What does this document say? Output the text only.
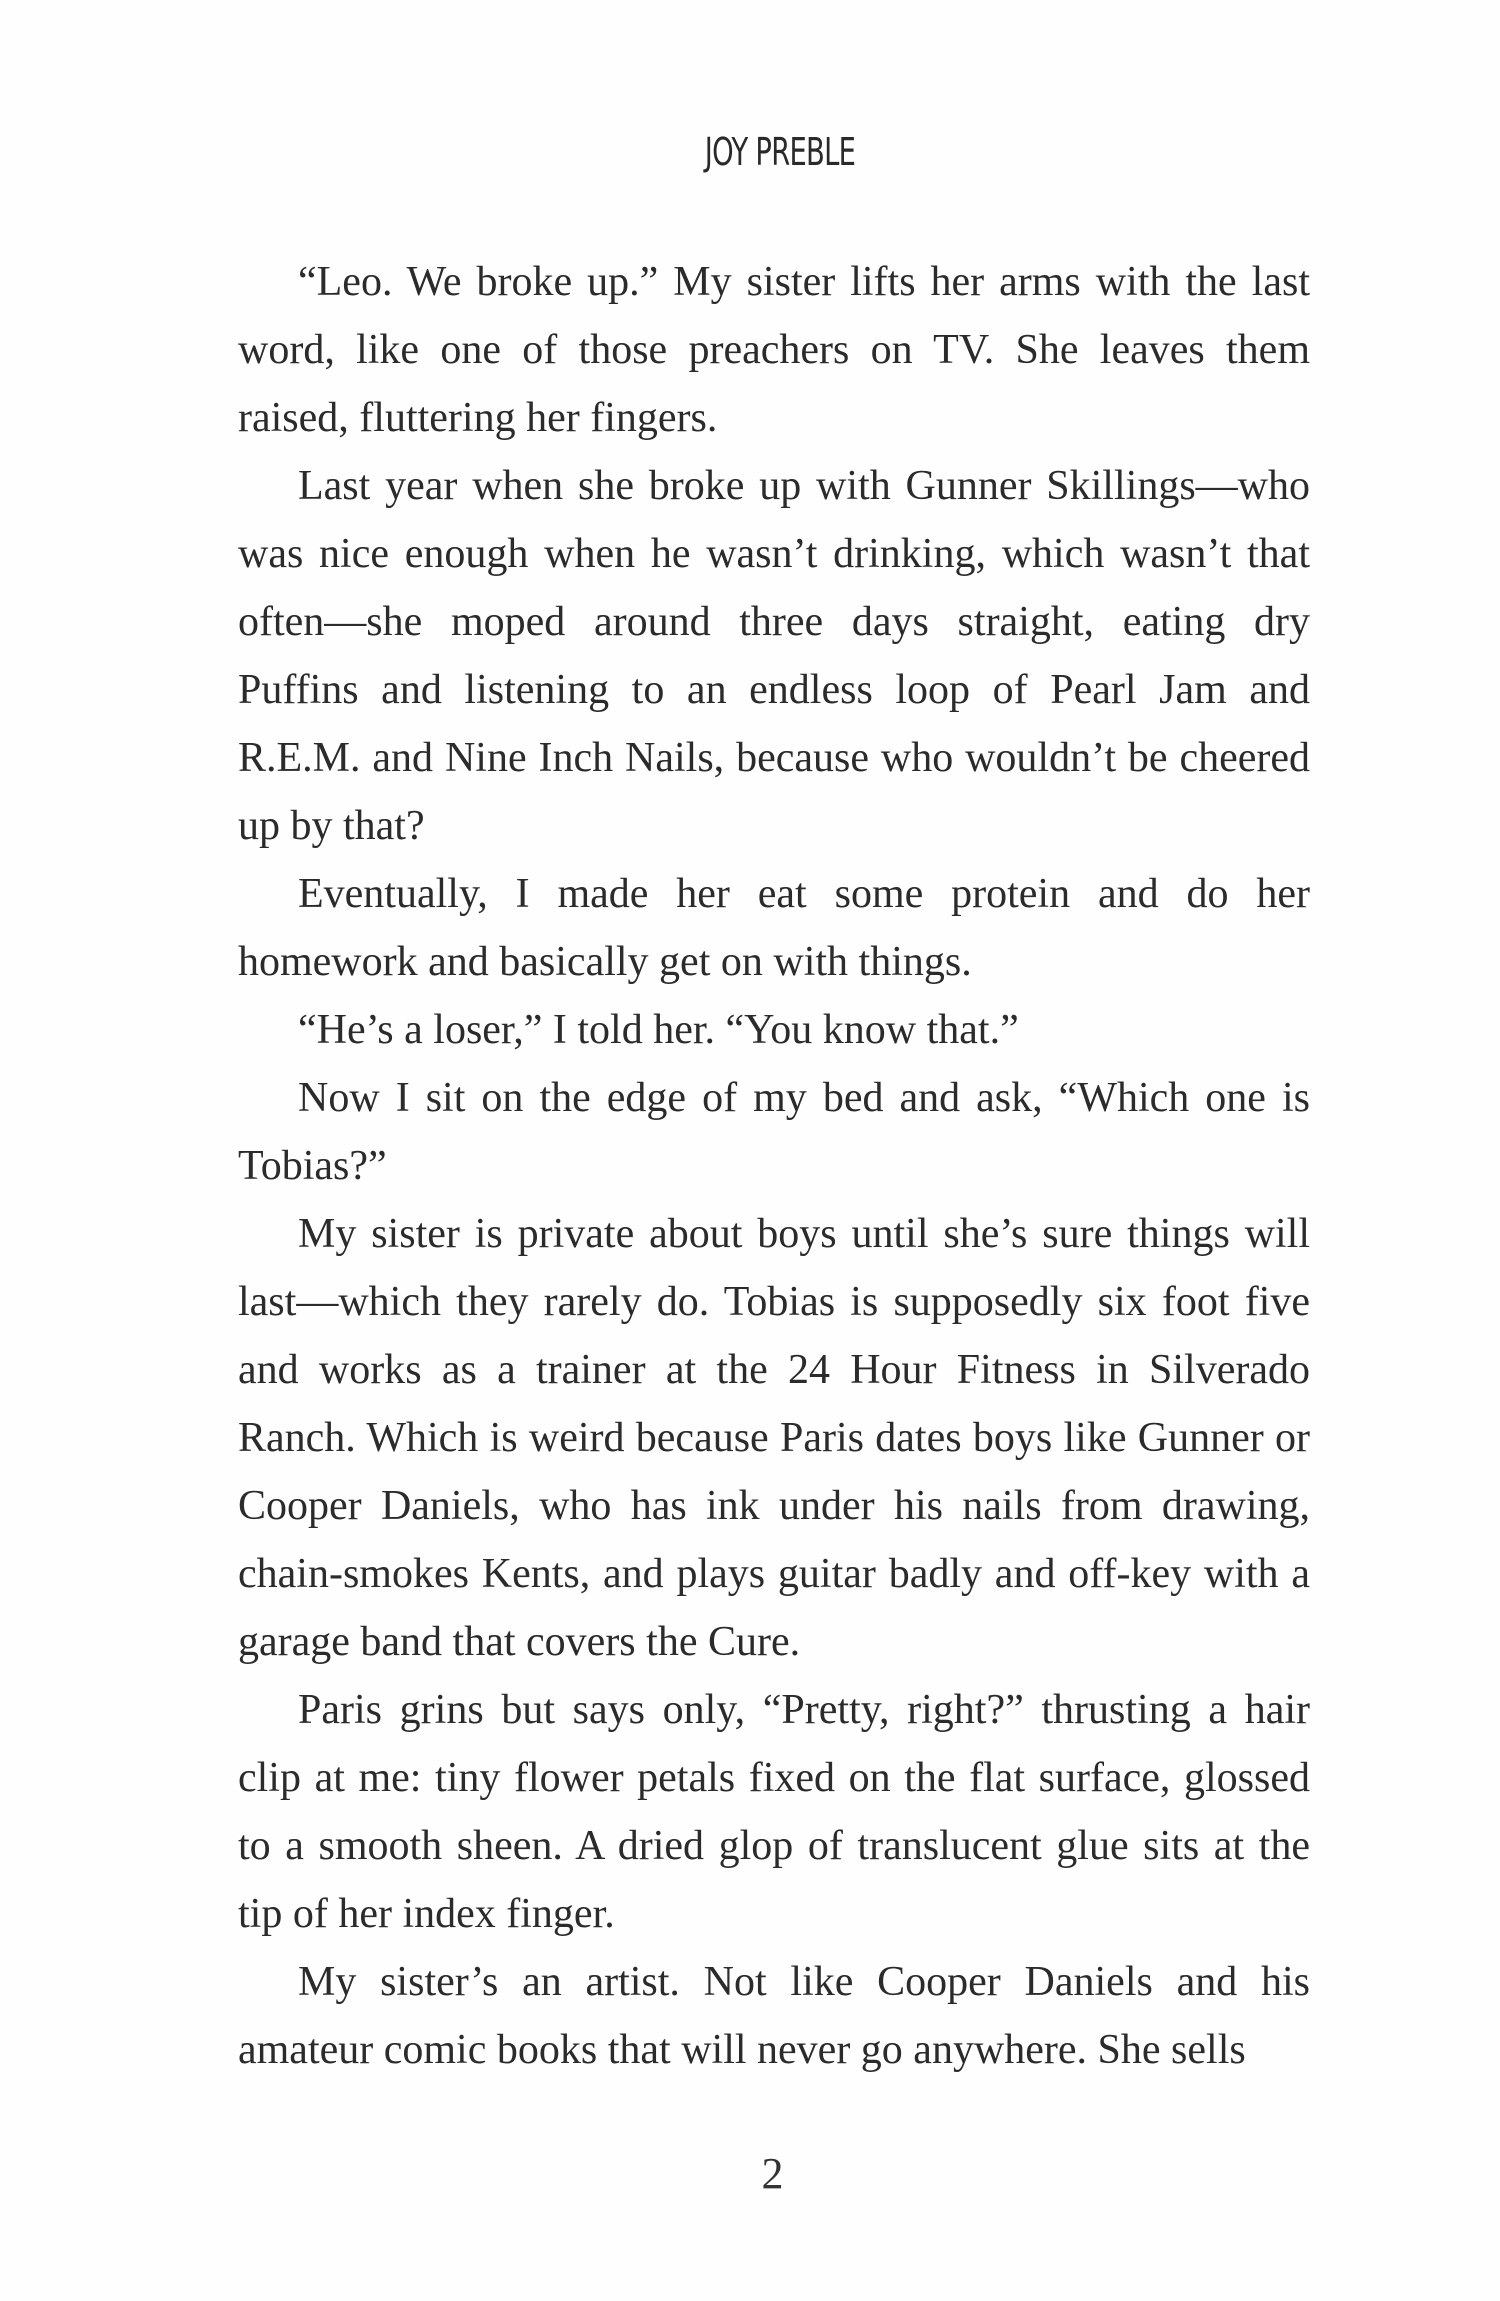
JOY PREBLE

“Leo. We broke up.” My sister lifts her arms with the last word, like one of those preachers on TV. She leaves them raised, fluttering her fingers.

Last year when she broke up with Gunner Skillings—who was nice enough when he wasn’t drinking, which wasn’t that often—she moped around three days straight, eating dry Puffins and listening to an endless loop of Pearl Jam and R.E.M. and Nine Inch Nails, because who wouldn’t be cheered up by that?

Eventually, I made her eat some protein and do her homework and basically get on with things.

“He’s a loser,” I told her. “You know that.”

Now I sit on the edge of my bed and ask, “Which one is Tobias?”

My sister is private about boys until she’s sure things will last—which they rarely do. Tobias is supposedly six foot five and works as a trainer at the 24 Hour Fitness in Silverado Ranch. Which is weird because Paris dates boys like Gunner or Cooper Daniels, who has ink under his nails from drawing, chain-smokes Kents, and plays guitar badly and off-key with a garage band that covers the Cure.

Paris grins but says only, “Pretty, right?” thrusting a hair clip at me: tiny flower petals fixed on the flat surface, glossed to a smooth sheen. A dried glop of translucent glue sits at the tip of her index finger.

My sister’s an artist. Not like Cooper Daniels and his amateur comic books that will never go anywhere. She sells

2
